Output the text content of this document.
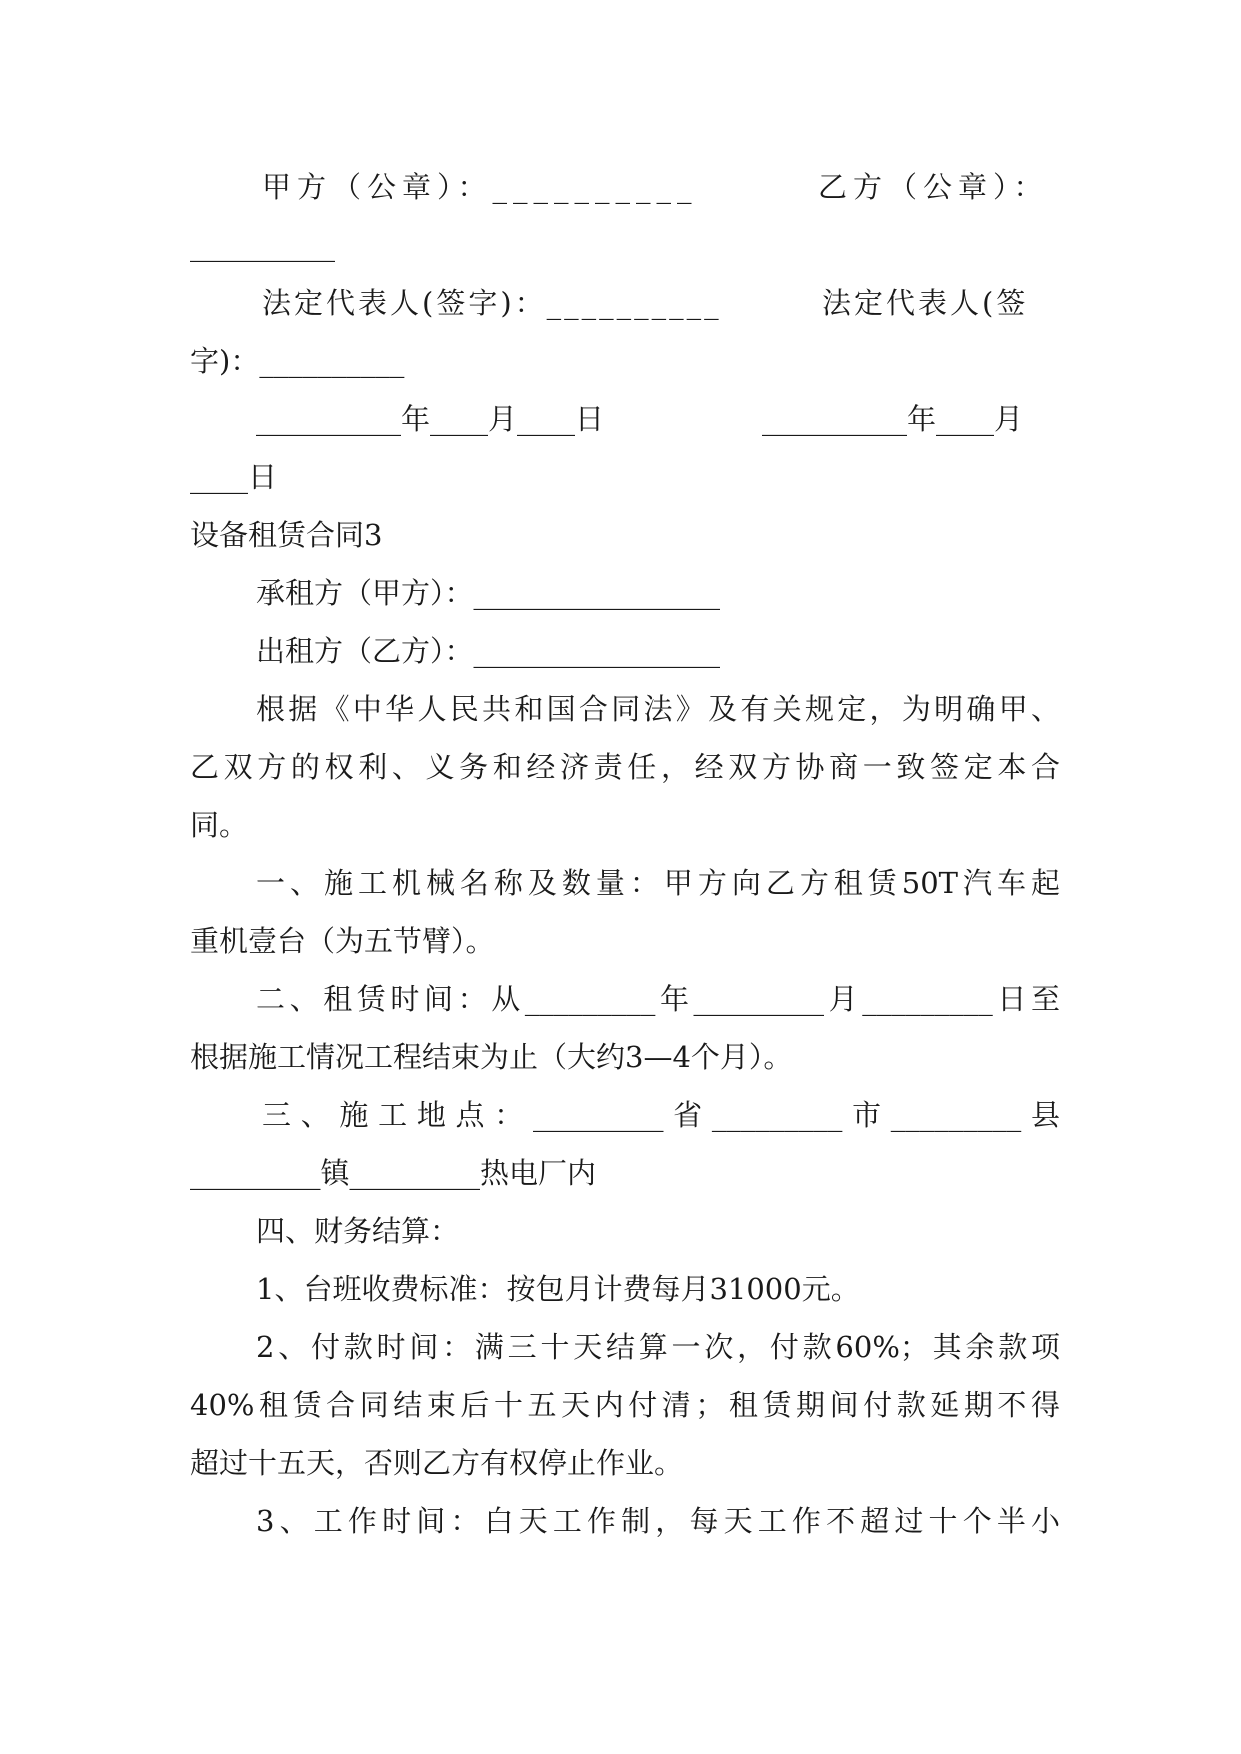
甲方（公章）：__________	乙方（公章）：
__________
法定代表人(签字)：__________	法定代表人(签
字)：__________
__________年____月____日	__________年____月
____日
设备租赁合同3
承租方（甲方）：_________________
出租方（乙方）：_________________
根据《中华人民共和国合同法》及有关规定，为明确甲、
乙双方的权利、义务和经济责任，经双方协商一致签定本合
同。
一、施工机械名称及数量：甲方向乙方租赁50T汽车起
重机壹台（为五节臂）。
二、租赁时间：从_________年_________月_________日至
根据施工情况工程结束为止（大约3—4个月）。
三、施工地点：_________省_________市_________县
_________镇_________热电厂内
四、财务结算：
1、台班收费标准：按包月计费每月31000元。
2、付款时间：满三十天结算一次，付款60%；其余款项
40%租赁合同结束后十五天内付清；租赁期间付款延期不得
超过十五天，否则乙方有权停止作业。
3、工作时间：白天工作制，每天工作不超过十个半小
